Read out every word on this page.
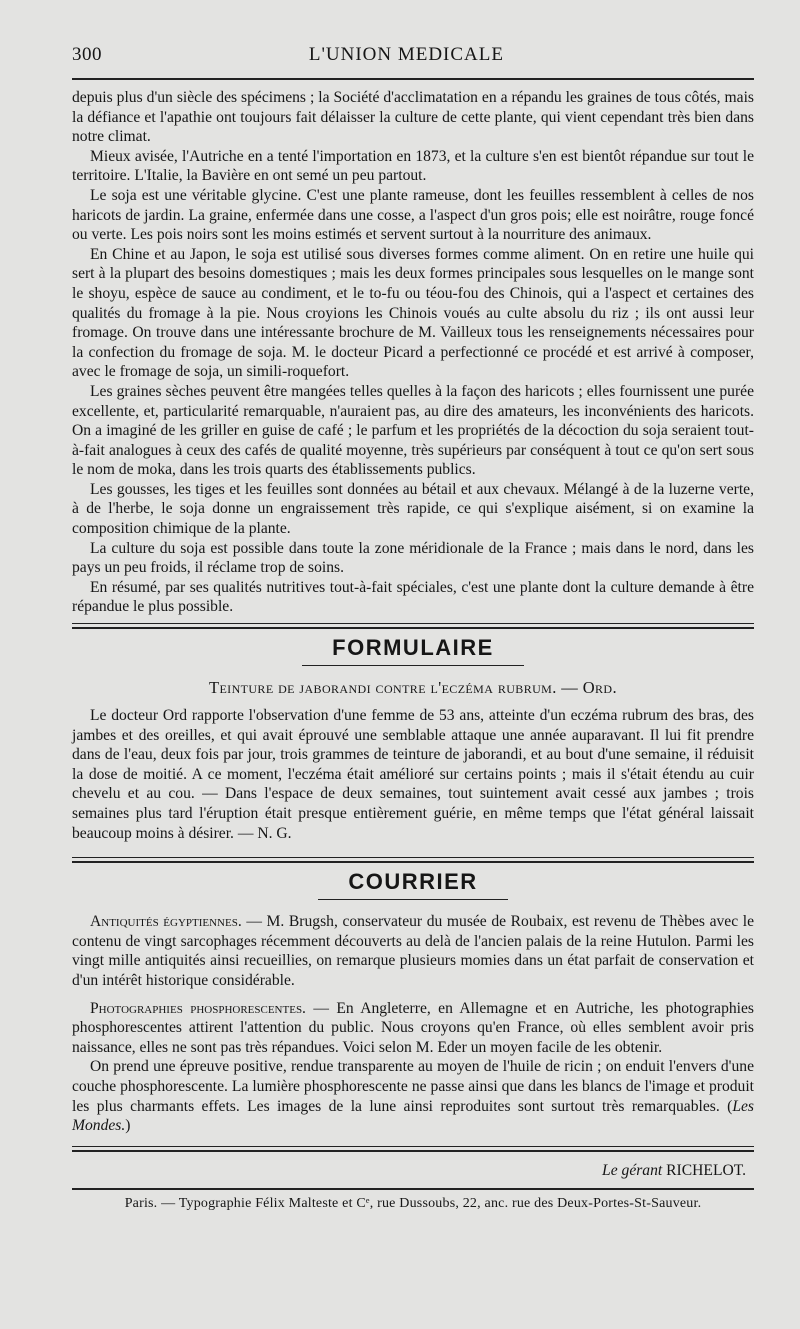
300	L'UNION MEDICALE

depuis plus d'un siècle des spécimens ; la Société d'acclimatation en a répandu les graines de tous côtés, mais la défiance et l'apathie ont toujours fait délaisser la culture de cette plante, qui vient cependant très bien dans notre climat.

Mieux avisée, l'Autriche en a tenté l'importation en 1873, et la culture s'en est bientôt répandue sur tout le territoire. L'Italie, la Bavière en ont semé un peu partout.

Le soja est une véritable glycine. C'est une plante rameuse, dont les feuilles ressemblent à celles de nos haricots de jardin. La graine, enfermée dans une cosse, a l'aspect d'un gros pois; elle est noirâtre, rouge foncé ou verte. Les pois noirs sont les moins estimés et servent surtout à la nourriture des animaux.

En Chine et au Japon, le soja est utilisé sous diverses formes comme aliment. On en retire une huile qui sert à la plupart des besoins domestiques ; mais les deux formes principales sous lesquelles on le mange sont le shoyu, espèce de sauce au condiment, et le to-fu ou téou-fou des Chinois, qui a l'aspect et certaines des qualités du fromage à la pie. Nous croyions les Chinois voués au culte absolu du riz ; ils ont aussi leur fromage. On trouve dans une intéressante brochure de M. Vailleux tous les renseignements nécessaires pour la confection du fromage de soja. M. le docteur Picard a perfectionné ce procédé et est arrivé à composer, avec le fromage de soja, un simili-roquefort.

Les graines sèches peuvent être mangées telles quelles à la façon des haricots ; elles fournissent une purée excellente, et, particularité remarquable, n'auraient pas, au dire des amateurs, les inconvénients des haricots. On a imaginé de les griller en guise de café ; le parfum et les propriétés de la décoction du soja seraient tout-à-fait analogues à ceux des cafés de qualité moyenne, très supérieurs par conséquent à tout ce qu'on sert sous le nom de moka, dans les trois quarts des établissements publics.

Les gousses, les tiges et les feuilles sont données au bétail et aux chevaux. Mélangé à de la luzerne verte, à de l'herbe, le soja donne un engraissement très rapide, ce qui s'explique aisément, si on examine la composition chimique de la plante.

La culture du soja est possible dans toute la zone méridionale de la France ; mais dans le nord, dans les pays un peu froids, il réclame trop de soins.

En résumé, par ses qualités nutritives tout-à-fait spéciales, c'est une plante dont la culture demande à être répandue le plus possible.

FORMULAIRE
Teinture de jaborandi contre l'eczéma rubrum. — Ord.

Le docteur Ord rapporte l'observation d'une femme de 53 ans, atteinte d'un eczéma rubrum des bras, des jambes et des oreilles, et qui avait éprouvé une semblable attaque une année auparavant. Il lui fit prendre dans de l'eau, deux fois par jour, trois grammes de teinture de jaborandi, et au bout d'une semaine, il réduisit la dose de moitié. A ce moment, l'eczéma était amélioré sur certains points ; mais il s'était étendu au cuir chevelu et au cou. — Dans l'espace de deux semaines, tout suintement avait cessé aux jambes ; trois semaines plus tard l'éruption était presque entièrement guérie, en même temps que l'état général laissait beaucoup moins à désirer. — N. G.

COURRIER

Antiquités égyptiennes. — M. Brugsh, conservateur du musée de Roubaix, est revenu de Thèbes avec le contenu de vingt sarcophages récemment découverts au delà de l'ancien palais de la reine Hutulon. Parmi les vingt mille antiquités ainsi recueillies, on remarque plusieurs momies dans un état parfait de conservation et d'un intérêt historique considérable.

Photographies phosphorescentes. — En Angleterre, en Allemagne et en Autriche, les photographies phosphorescentes attirent l'attention du public. Nous croyons qu'en France, où elles semblent avoir pris naissance, elles ne sont pas très répandues. Voici selon M. Eder un moyen facile de les obtenir.

On prend une épreuve positive, rendue transparente au moyen de l'huile de ricin ; on enduit l'envers d'une couche phosphorescente. La lumière phosphorescente ne passe ainsi que dans les blancs de l'image et produit les plus charmants effets. Les images de la lune ainsi reproduites sont surtout très remarquables. (Les Mondes.)

Le gérant RICHELOT.
Paris. — Typographie Félix Malteste et Cᵉ, rue Dussoubs, 22, anc. rue des Deux-Portes-St-Sauveur.
